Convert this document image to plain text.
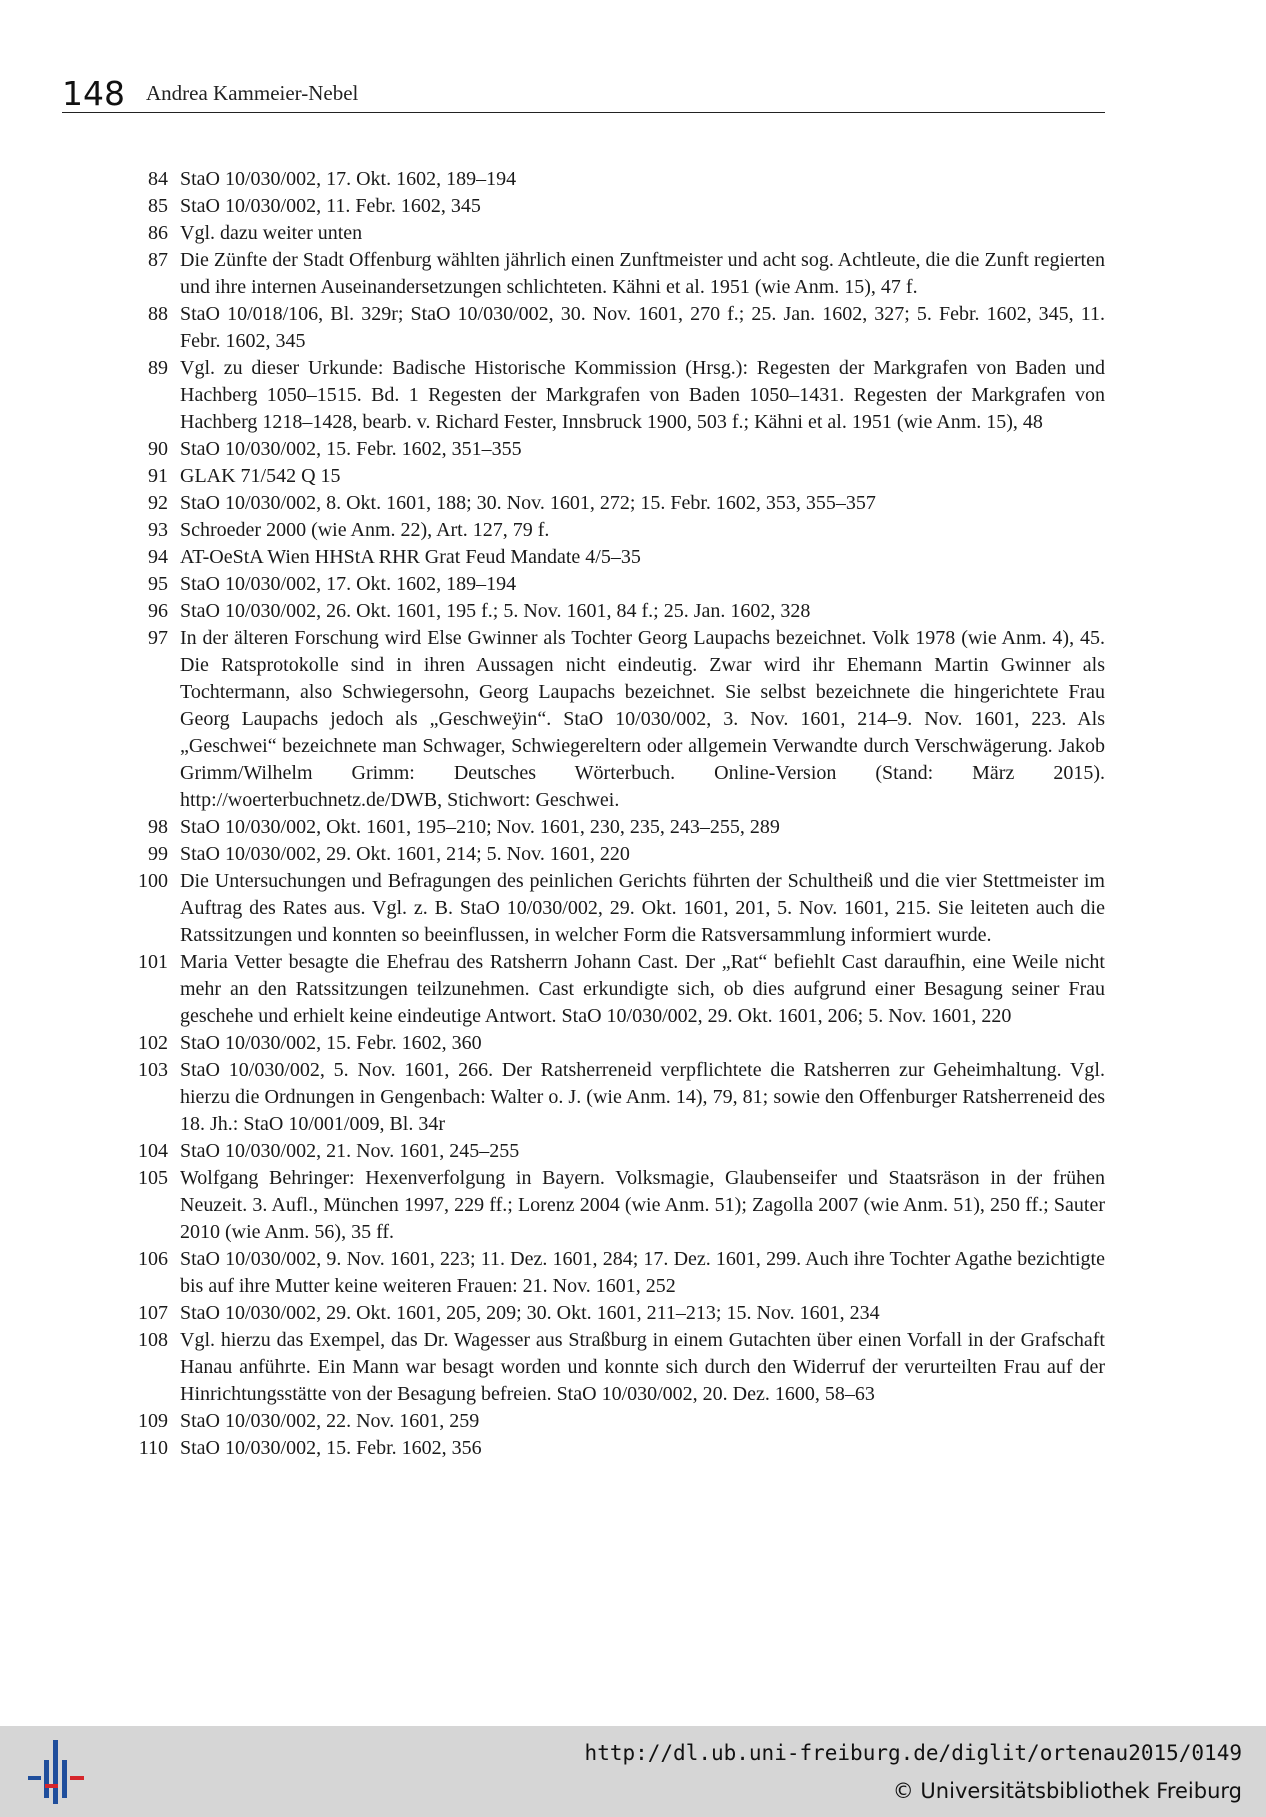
148 Andrea Kammeier-Nebel
84 StaO 10/030/002, 17. Okt. 1602, 189–194
85 StaO 10/030/002, 11. Febr. 1602, 345
86 Vgl. dazu weiter unten
87 Die Zünfte der Stadt Offenburg wählten jährlich einen Zunftmeister und acht sog. Achtleute, die die Zunft regierten und ihre internen Auseinandersetzungen schlichteten. Kähni et al. 1951 (wie Anm. 15), 47 f.
88 StaO 10/018/106, Bl. 329r; StaO 10/030/002, 30. Nov. 1601, 270 f.; 25. Jan. 1602, 327; 5. Febr. 1602, 345, 11. Febr. 1602, 345
89 Vgl. zu dieser Urkunde: Badische Historische Kommission (Hrsg.): Regesten der Markgrafen von Baden und Hachberg 1050–1515. Bd. 1 Regesten der Markgrafen von Baden 1050–1431. Regesten der Markgrafen von Hachberg 1218–1428, bearb. v. Richard Fester, Innsbruck 1900, 503 f.; Kähni et al. 1951 (wie Anm. 15), 48
90 StaO 10/030/002, 15. Febr. 1602, 351–355
91 GLAK 71/542 Q 15
92 StaO 10/030/002, 8. Okt. 1601, 188; 30. Nov. 1601, 272; 15. Febr. 1602, 353, 355–357
93 Schroeder 2000 (wie Anm. 22), Art. 127, 79 f.
94 AT-OeStA Wien HHStA RHR Grat Feud Mandate 4/5–35
95 StaO 10/030/002, 17. Okt. 1602, 189–194
96 StaO 10/030/002, 26. Okt. 1601, 195 f.; 5. Nov. 1601, 84 f.; 25. Jan. 1602, 328
97 In der älteren Forschung wird Else Gwinner als Tochter Georg Laupachs bezeichnet. Volk 1978 (wie Anm. 4), 45. Die Ratsprotokolle sind in ihren Aussagen nicht eindeutig. Zwar wird ihr Ehemann Martin Gwinner als Tochtermann, also Schwiegersohn, Georg Laupachs bezeichnet. Sie selbst bezeichnete die hingerichtete Frau Georg Laupachs jedoch als „Geschweÿin“. StaO 10/030/002, 3. Nov. 1601, 214–9. Nov. 1601, 223. Als „Geschwei“ bezeichnete man Schwager, Schwiegereltern oder allgemein Verwandte durch Verschwägerung. Jakob Grimm/Wilhelm Grimm: Deutsches Wörterbuch. Online-Version (Stand: März 2015). http://woerterbuchnetz.de/DWB, Stichwort: Geschwei.
98 StaO 10/030/002, Okt. 1601, 195–210; Nov. 1601, 230, 235, 243–255, 289
99 StaO 10/030/002, 29. Okt. 1601, 214; 5. Nov. 1601, 220
100 Die Untersuchungen und Befragungen des peinlichen Gerichts führten der Schultheiß und die vier Stettmeister im Auftrag des Rates aus. Vgl. z. B. StaO 10/030/002, 29. Okt. 1601, 201, 5. Nov. 1601, 215. Sie leiteten auch die Ratssitzungen und konnten so beeinflussen, in welcher Form die Ratsversammlung informiert wurde.
101 Maria Vetter besagte die Ehefrau des Ratsherrn Johann Cast. Der „Rat“ befiehlt Cast daraufhin, eine Weile nicht mehr an den Ratssitzungen teilzunehmen. Cast erkundigte sich, ob dies aufgrund einer Besagung seiner Frau geschehe und erhielt keine eindeutige Antwort. StaO 10/030/002, 29. Okt. 1601, 206; 5. Nov. 1601, 220
102 StaO 10/030/002, 15. Febr. 1602, 360
103 StaO 10/030/002, 5. Nov. 1601, 266. Der Ratsherreneid verpflichtete die Ratsherren zur Geheimhaltung. Vgl. hierzu die Ordnungen in Gengenbach: Walter o. J. (wie Anm. 14), 79, 81; sowie den Offenburger Ratsherreneid des 18. Jh.: StaO 10/001/009, Bl. 34r
104 StaO 10/030/002, 21. Nov. 1601, 245–255
105 Wolfgang Behringer: Hexenverfolgung in Bayern. Volksmagie, Glaubenseifer und Staatsräson in der frühen Neuzeit. 3. Aufl., München 1997, 229 ff.; Lorenz 2004 (wie Anm. 51); Zagolla 2007 (wie Anm. 51), 250 ff.; Sauter 2010 (wie Anm. 56), 35 ff.
106 StaO 10/030/002, 9. Nov. 1601, 223; 11. Dez. 1601, 284; 17. Dez. 1601, 299. Auch ihre Tochter Agathe bezichtigte bis auf ihre Mutter keine weiteren Frauen: 21. Nov. 1601, 252
107 StaO 10/030/002, 29. Okt. 1601, 205, 209; 30. Okt. 1601, 211–213; 15. Nov. 1601, 234
108 Vgl. hierzu das Exempel, das Dr. Wagesser aus Straßburg in einem Gutachten über einen Vorfall in der Grafschaft Hanau anführte. Ein Mann war besagt worden und konnte sich durch den Widerruf der verurteilten Frau auf der Hinrichtungsstätte von der Besagung befreien. StaO 10/030/002, 20. Dez. 1600, 58–63
109 StaO 10/030/002, 22. Nov. 1601, 259
110 StaO 10/030/002, 15. Febr. 1602, 356
http://dl.ub.uni-freiburg.de/diglit/ortenau2015/0149
© Universitätsbibliothek Freiburg
